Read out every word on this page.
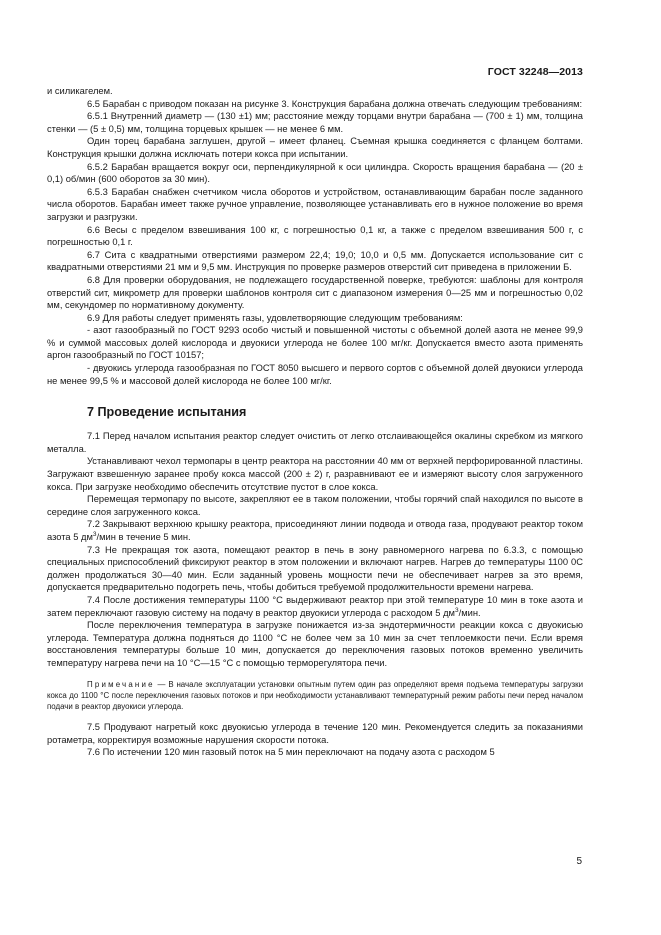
ГОСТ 32248—2013

и силикагелем.

6.5 Барабан с приводом показан на рисунке 3. Конструкция барабана должна отвечать следующим требованиям:

6.5.1 Внутренний диаметр — (130 ±1) мм; расстояние между торцами внутри барабана — (700 ± 1) мм, толщина стенки — (5 ± 0,5) мм, толщина торцевых крышек — не менее 6 мм.

Один торец барабана заглушен, другой – имеет фланец. Съемная крышка соединяется с фланцем болтами. Конструкция крышки должна исключать потери кокса при испытании.

6.5.2 Барабан вращается вокруг оси, перпендикулярной к оси цилиндра. Скорость вращения барабана — (20 ± 0,1) об/мин (600 оборотов за 30 мин).

6.5.3 Барабан снабжен счетчиком числа оборотов и устройством, останавливающим барабан после заданного числа оборотов. Барабан имеет также ручное управление, позволяющее устанавливать его в нужное положение во время загрузки и разгрузки.

6.6 Весы с пределом взвешивания 100 кг, с погрешностью 0,1 кг, а также с пределом взвешивания 500 г, с погрешностью 0,1 г.

6.7 Сита с квадратными отверстиями размером 22,4; 19,0; 10,0 и 0,5 мм. Допускается использование сит с квадратными отверстиями 21 мм и 9,5 мм. Инструкция по проверке размеров отверстий сит приведена в приложении Б.

6.8 Для проверки оборудования, не подлежащего государственной поверке, требуются: шаблоны для контроля отверстий сит, микрометр для проверки шаблонов контроля сит с диапазоном измерения 0—25 мм и погрешностью 0,02 мм, секундомер по нормативному документу.

6.9 Для работы следует применять газы, удовлетворяющие следующим требованиям:

- азот газообразный по ГОСТ 9293 особо чистый и повышенной чистоты с объемной долей азота не менее 99,9 % и суммой массовых долей кислорода и двуокиси углерода не более 100 мг/кг. Допускается вместо азота применять аргон газообразный по ГОСТ 10157;

- двуокись углерода газообразная по ГОСТ 8050 высшего и первого сортов с объемной долей двуокиси углерода не менее 99,5 % и массовой долей кислорода не более 100 мг/кг.

7 Проведение испытания

7.1 Перед началом испытания реактор следует очистить от легко отслаивающейся окалины скребком из мягкого металла.

Устанавливают чехол термопары в центр реактора на расстоянии 40 мм от верхней перфорированной пластины. Загружают взвешенную заранее пробу кокса массой (200 ± 2) г, разравнивают ее и измеряют высоту слоя загруженного кокса. При загрузке необходимо обеспечить отсутствие пустот в слое кокса.

Перемещая термопару по высоте, закрепляют ее в таком положении, чтобы горячий спай находился по высоте в середине слоя загруженного кокса.

7.2 Закрывают верхнюю крышку реактора, присоединяют линии подвода и отвода газа, продувают реактор током азота 5 $дм^3$/мин в течение 5 мин.

7.3 Не прекращая ток азота, помещают реактор в печь в зону равномерного нагрева по 6.3.3, с помощью специальных приспособлений фиксируют реактор в этом положении и включают нагрев. Нагрев до температуры 1100 0С должен продолжаться 30—40 мин. Если заданный уровень мощности печи не обеспечивает нагрев за это время, допускается предварительно подогреть печь, чтобы добиться требуемой продолжительности времени нагрева.

7.4 После достижения температуры 1100 °С выдерживают реактор при этой температуре 10 мин в токе азота и затем переключают газовую систему на подачу в реактор двуокиси углерода с расходом 5 $дм^3$/мин.

После переключения температура в загрузке понижается из-за эндотермичности реакции кокса с двуокисью углерода. Температура должна подняться до 1100 °С не более чем за 10 мин за счет теплоемкости печи. Если время восстановления температуры больше 10 мин, допускается до переключения газовых потоков временно увеличить температуру нагрева печи на 10 °С—15 °С с помощью терморегулятора печи.

Примечание — В начале эксплуатации установки опытным путем один раз определяют время подъема температуры загрузки кокса до 1100 °С после переключения газовых потоков и при необходимости устанавливают температурный режим работы печи перед началом подачи в реактор двуокиси углерода.

7.5 Продувают нагретый кокс двуокисью углерода в течение 120 мин. Рекомендуется следить за показаниями ротаметра, корректируя возможные нарушения скорости потока.

7.6 По истечении 120 мин газовый поток на 5 мин переключают на подачу азота с расходом 5

5
